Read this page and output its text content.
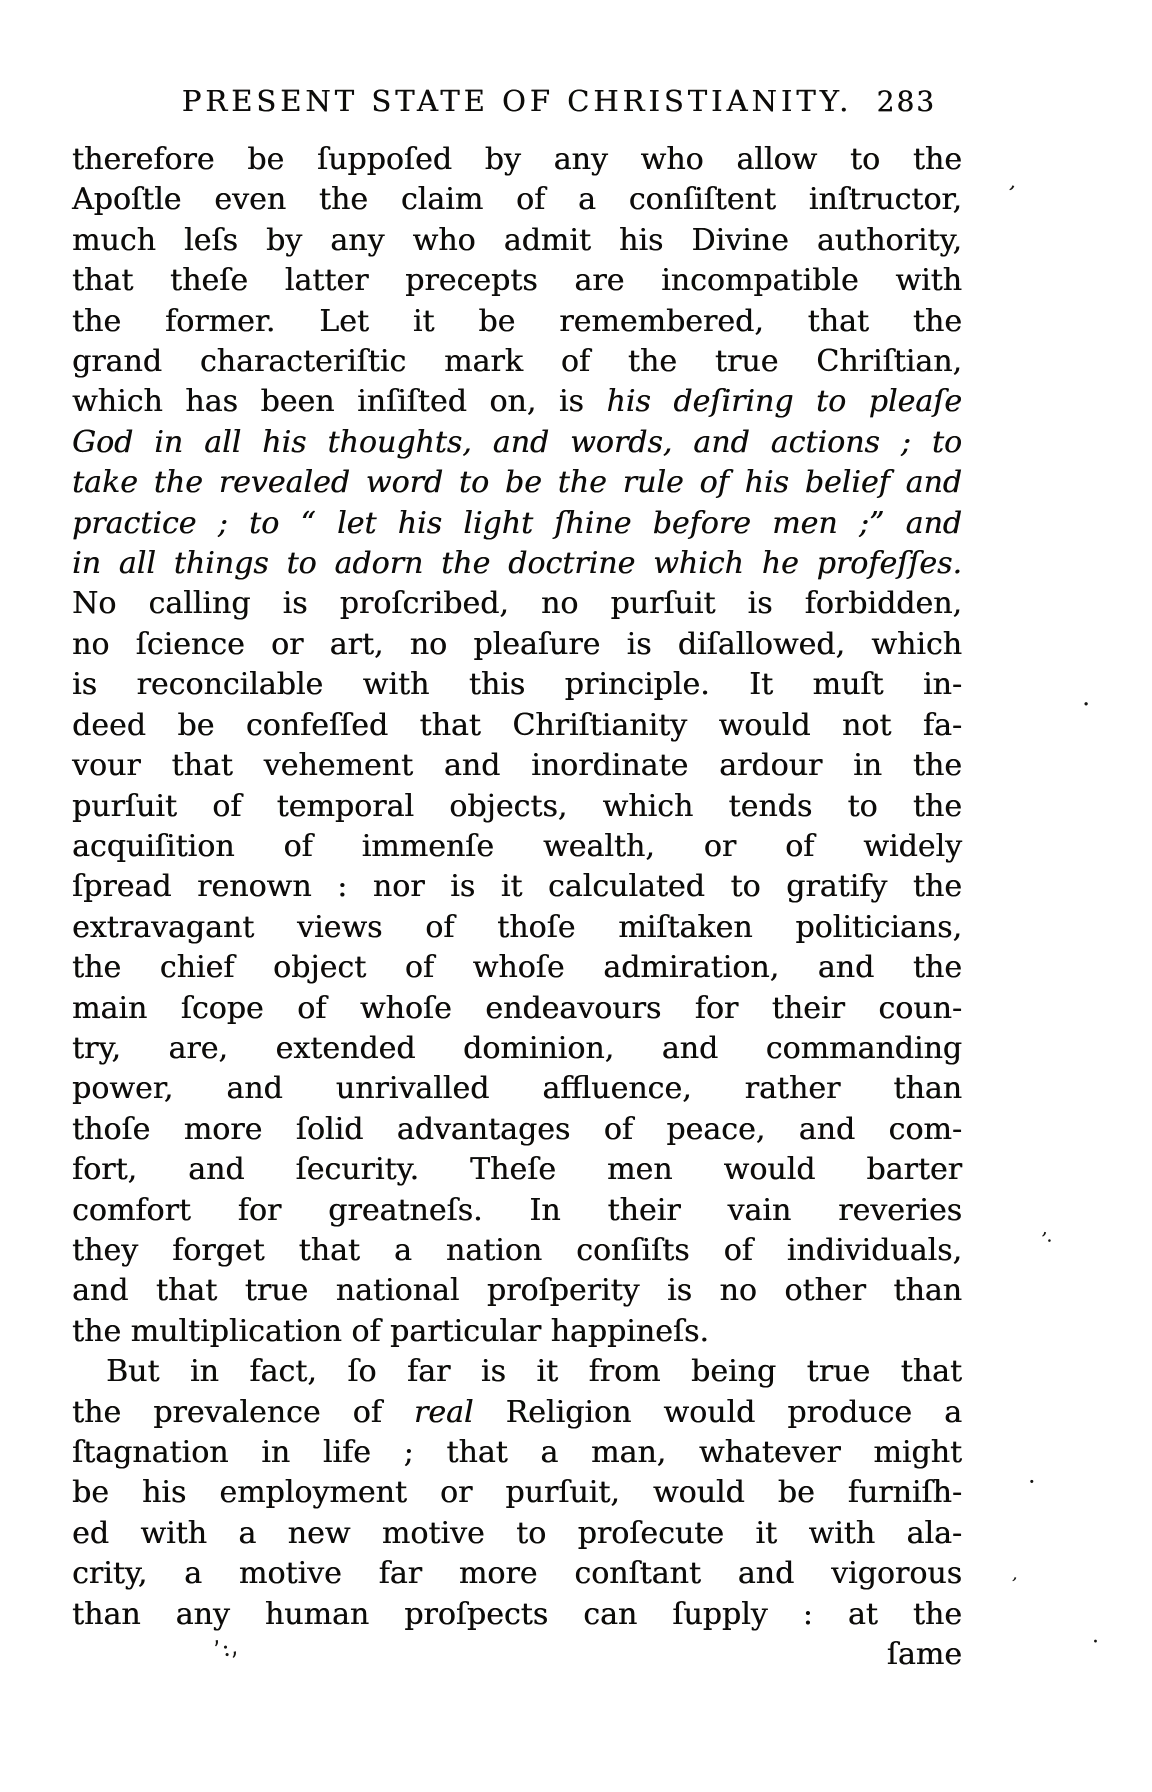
PRESENT STATE OF CHRISTIANITY. 283
therefore be ſuppoſed by any who allow to the
Apoſtle even the claim of a conſiſtent inſtructor,
much leſs by any who admit his Divine authority,
that theſe latter precepts are incompatible with
the former. Let it be remembered, that the
grand characteriſtic mark of the true Chriſtian,
which has been inſiſted on, is his deſiring to pleaſe
God in all his thoughts, and words, and actions ; to
take the revealed word to be the rule of his belief and
practice ; to “ let his light ſhine before men ;” and
in all things to adorn the doctrine which he profeſſes.
No calling is proſcribed, no purſuit is forbidden,
no ſcience or art, no pleaſure is diſallowed, which
is reconcilable with this principle. It muſt in-
deed be confeſſed that Chriſtianity would not fa-
vour that vehement and inordinate ardour in the
purſuit of temporal objects, which tends to the
acquiſition of immenſe wealth, or of widely
ſpread renown : nor is it calculated to gratify the
extravagant views of thoſe miſtaken politicians,
the chief object of whoſe admiration, and the
main ſcope of whoſe endeavours for their coun-
try, are, extended dominion, and commanding
power, and unrivalled affluence, rather than
thoſe more ſolid advantages of peace, and com-
fort, and ſecurity. Theſe men would barter
comfort for greatneſs. In their vain reveries
they forget that a nation conſiſts of individuals,
and that true national proſperity is no other than
the multiplication of particular happineſs.
But in fact, ſo far is it from being true that
the prevalence of real Religion would produce a
ſtagnation in life ; that a man, whatever might
be his employment or purſuit, would be furniſh-
ed with a new motive to proſecute it with ala-
crity, a motive far more conſtant and vigorous
than any human proſpects can ſupply : at the
ſame
’
·
’·
·
’
·
’:,
